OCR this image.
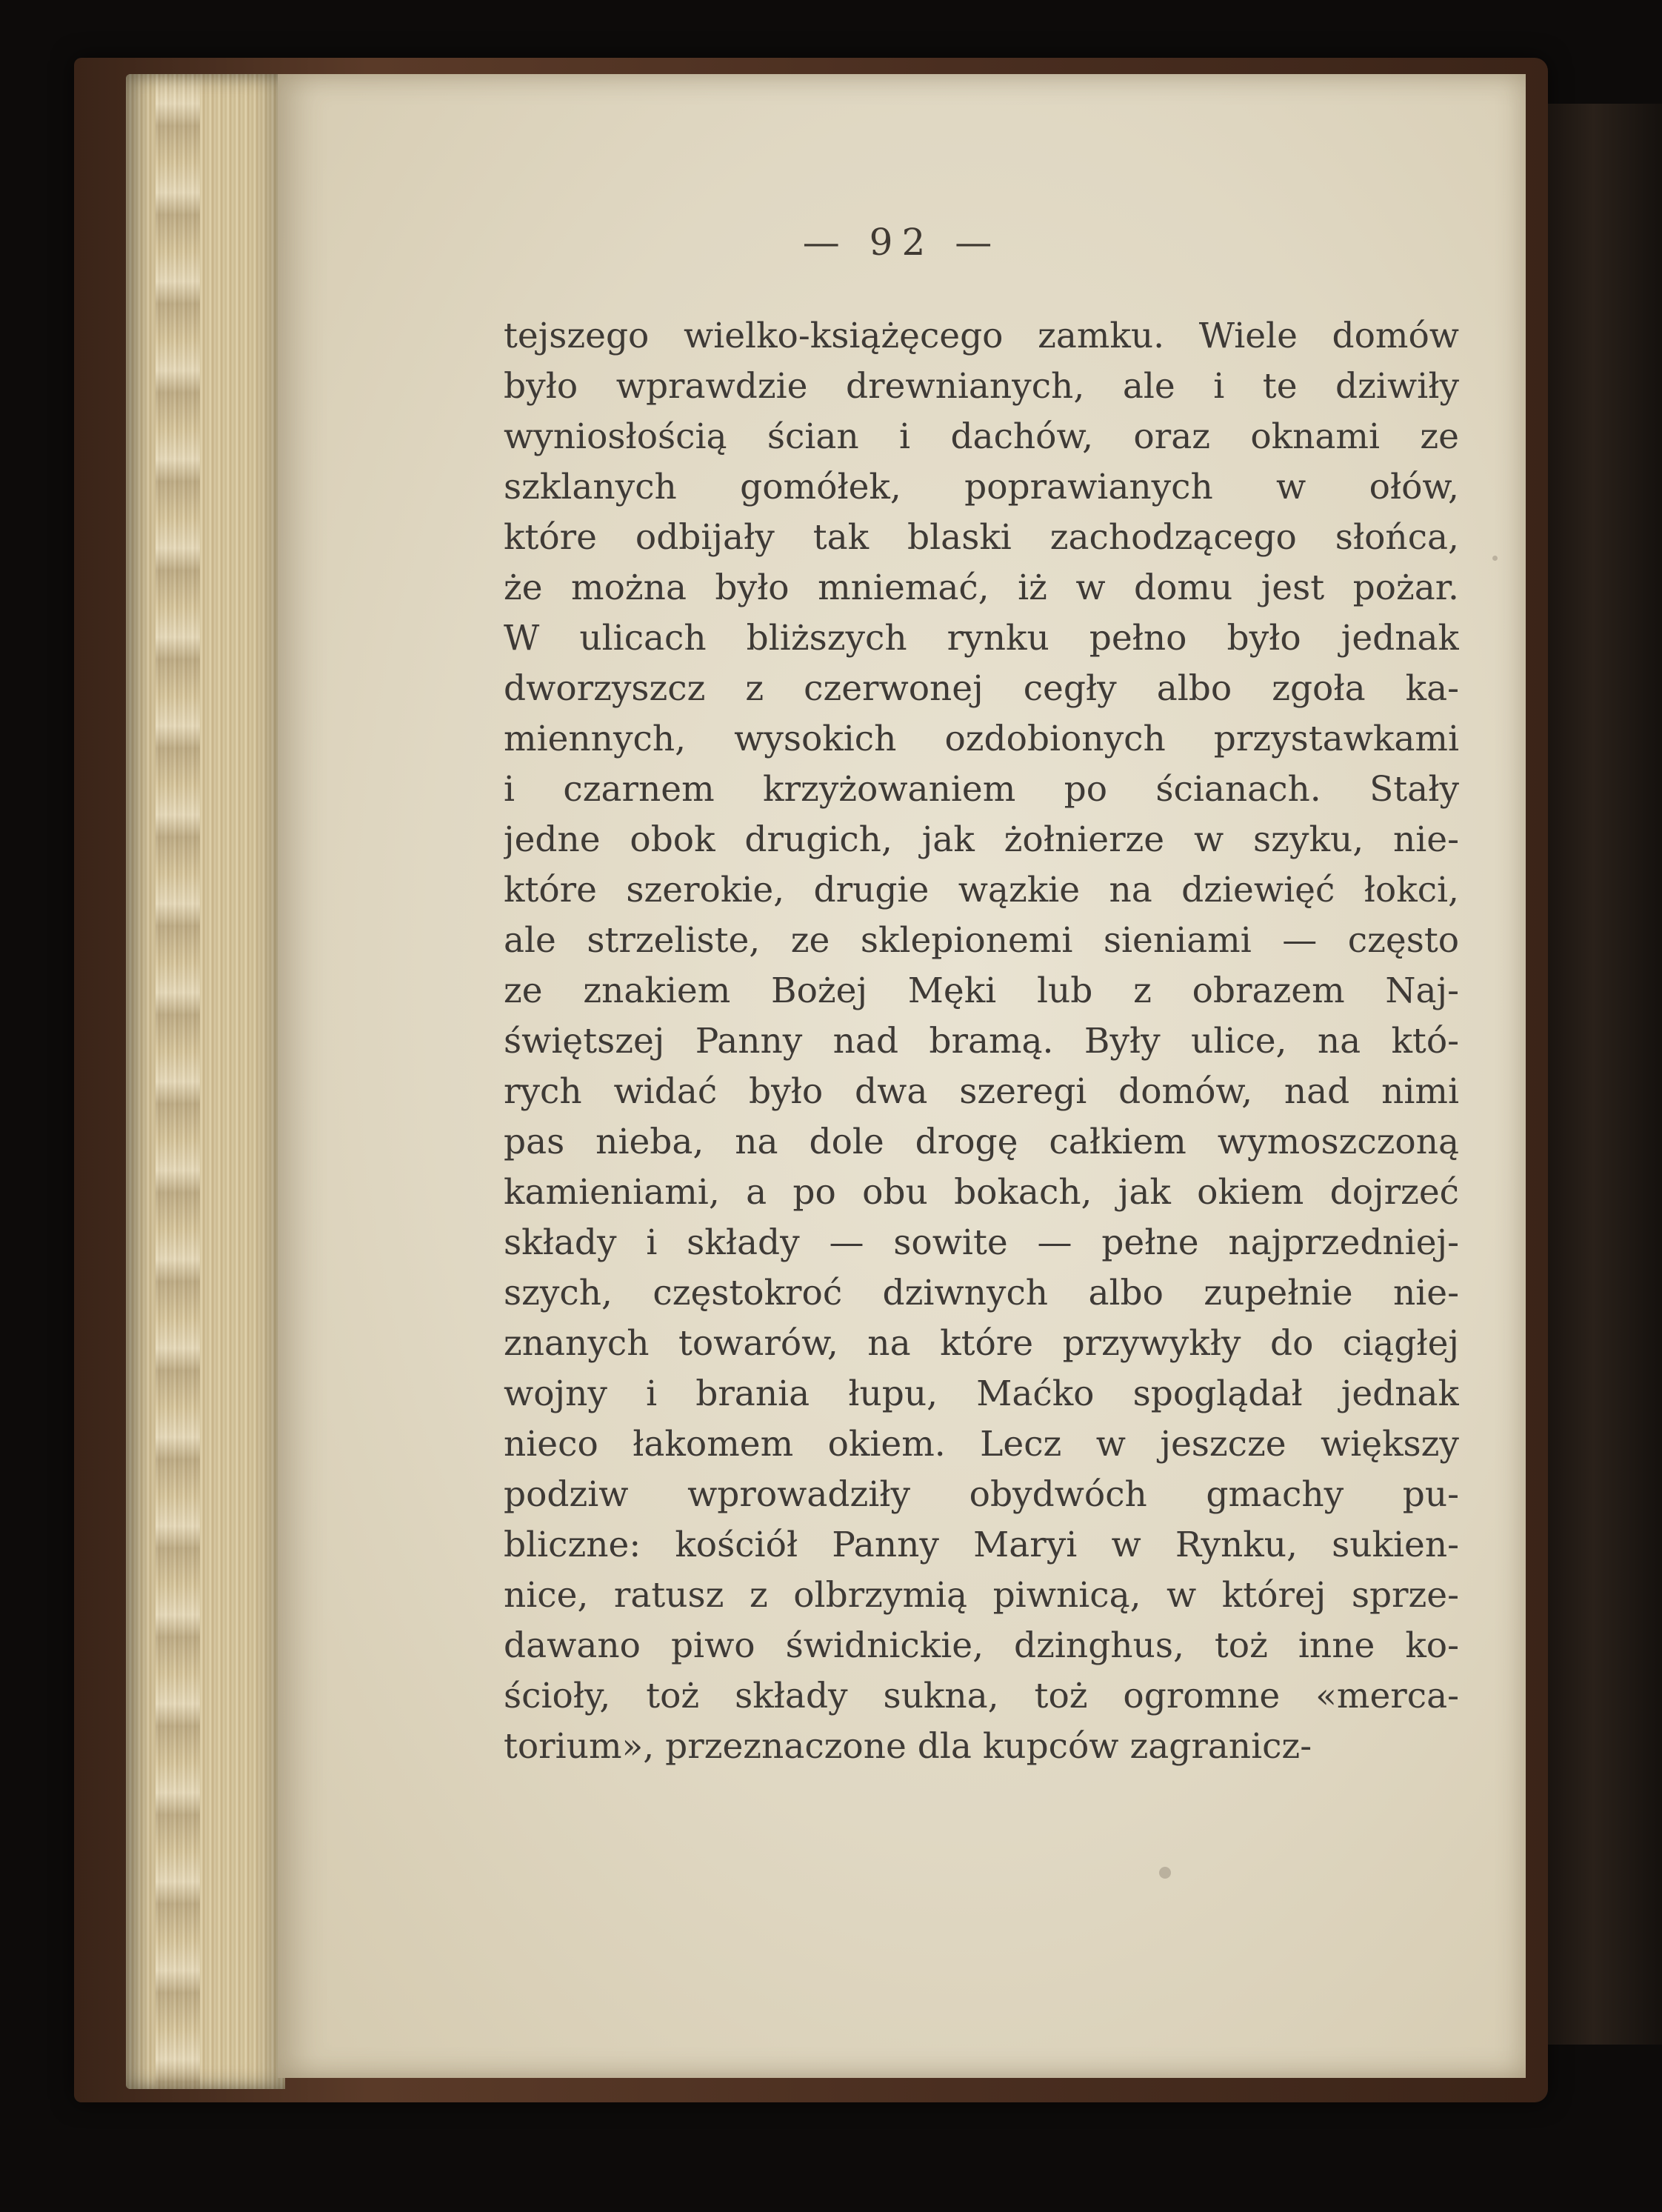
— 92 —
tejszego wielko-książęcego zamku. Wiele domów
było wprawdzie drewnianych, ale i te dziwiły
wyniosłością ścian i dachów, oraz oknami ze
szklanych gomółek, poprawianych w ołów,
które odbijały tak blaski zachodzącego słońca,
że można było mniemać, iż w domu jest pożar.
W ulicach bliższych rynku pełno było jednak
dworzyszcz z czerwonej cegły albo zgoła ka-
miennych, wysokich ozdobionych przystawkami
i czarnem krzyżowaniem po ścianach. Stały
jedne obok drugich, jak żołnierze w szyku, nie-
które szerokie, drugie wązkie na dziewięć łokci,
ale strzeliste, ze sklepionemi sieniami — często
ze znakiem Bożej Męki lub z obrazem Naj-
świętszej Panny nad bramą. Były ulice, na któ-
rych widać było dwa szeregi domów, nad nimi
pas nieba, na dole drogę całkiem wymoszczoną
kamieniami, a po obu bokach, jak okiem dojrzeć
składy i składy — sowite — pełne najprzedniej-
szych, częstokroć dziwnych albo zupełnie nie-
znanych towarów, na które przywykły do ciągłej
wojny i brania łupu, Maćko spoglądał jednak
nieco łakomem okiem. Lecz w jeszcze większy
podziw wprowadziły obydwóch gmachy pu-
bliczne: kościół Panny Maryi w Rynku, sukien-
nice, ratusz z olbrzymią piwnicą, w której sprze-
dawano piwo świdnickie, dzinghus, toż inne ko-
ścioły, toż składy sukna, toż ogromne «merca-
torium», przeznaczone dla kupców zagranicz-
